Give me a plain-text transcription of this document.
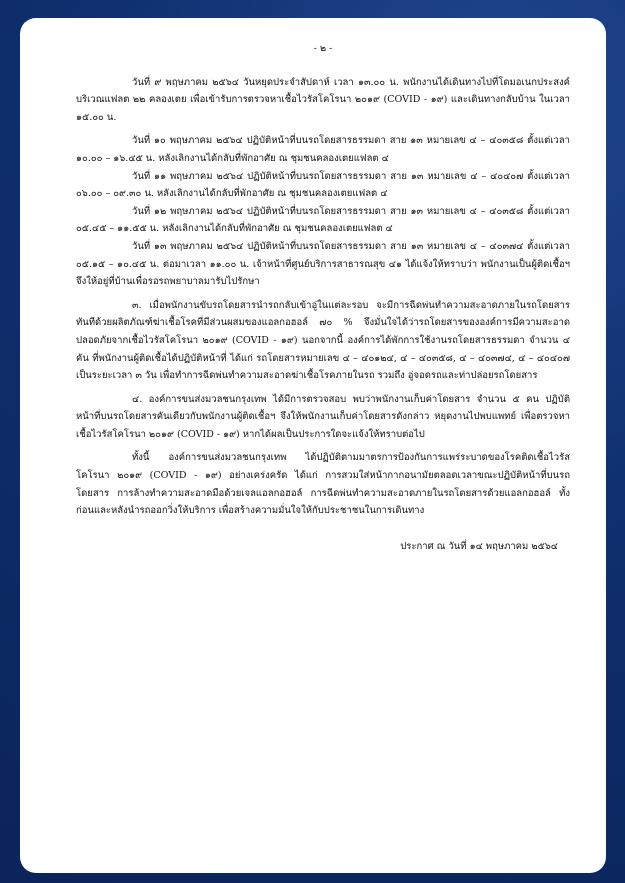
- ๒ -

วันที่ ๙ พฤษภาคม ๒๕๖๔ วันหยุดประจำสัปดาห์ เวลา ๑๓.๐๐ น. พนักงานได้เดินทางไปที่โดมอเนกประสงค์บริเวณแฟลต ๒๒ คลองเตย เพื่อเข้ารับการตรวจหาเชื้อไวรัสโคโรนา ๒๐๑๙ (COVID - ๑๙) และเดินทางกลับบ้าน ในเวลา ๑๕.๐๐ น.

วันที่ ๑๐ พฤษภาคม ๒๕๖๔ ปฏิบัติหน้าที่บนรถโดยสารธรรมดา สาย ๑๓ หมายเลข ๔ – ๔๐๓๕๘ ตั้งแต่เวลา ๑๐.๐๐ – ๑๖.๔๕ น. หลังเลิกงานได้กลับที่พักอาศัย ณ ชุมชนคลองเตยแฟลต ๔

วันที่ ๑๑ พฤษภาคม ๒๕๖๔ ปฏิบัติหน้าที่บนรถโดยสารธรรมดา สาย ๑๓ หมายเลข ๔ – ๔๐๔๐๗ ตั้งแต่เวลา ๐๖.๐๐ – ๐๙.๓๐ น. หลังเลิกงานได้กลับที่พักอาศัย ณ ชุมชนคลองเตยแฟลต ๔

วันที่ ๑๒ พฤษภาคม ๒๕๖๔ ปฏิบัติหน้าที่บนรถโดยสารธรรมดา สาย ๑๓ หมายเลข ๔ – ๔๐๓๕๘ ตั้งแต่เวลา ๐๕.๔๕ – ๑๑.๕๕ น. หลังเลิกงานได้กลับที่พักอาศัย ณ ชุมชนคลองเตยแฟลต ๔

วันที่ ๑๓ พฤษภาคม ๒๕๖๔ ปฏิบัติหน้าที่บนรถโดยสารธรรมดา สาย ๑๓ หมายเลข ๔ – ๔๐๓๗๔ ตั้งแต่เวลา ๐๕.๑๕ – ๑๐.๔๕ น. ต่อมาเวลา ๑๑.๐๐ น. เจ้าหน้าที่ศูนย์บริการสาธารณสุข ๔๑ ได้แจ้งให้ทราบว่า พนักงานเป็นผู้ติดเชื้อฯ จึงให้อยู่ที่บ้านเพื่อรอรถพยาบาลมารับไปรักษา

๓. เมื่อพนักงานขับรถโดยสารนำรถกลับเข้าอู่ในแต่ละรอบ จะมีการฉีดพ่นทำความสะอาดภายในรถโดยสารทันทีด้วยผลิตภัณฑ์ฆ่าเชื้อโรคที่มีส่วนผสมของแอลกอฮอล์ ๗๐ % จึงมั่นใจได้ว่ารถโดยสารขององค์การมีความสะอาด ปลอดภัยจากเชื้อไวรัสโคโรนา ๒๐๑๙ (COVID - ๑๙) นอกจากนี้ องค์การได้พักการใช้งานรถโดยสารธรรมดา จำนวน ๔ คัน ที่พนักงานผู้ติดเชื้อได้ปฏิบัติหน้าที่ ได้แก่ รถโดยสารหมายเลข ๔ – ๔๐๑๒๔, ๔ – ๔๐๓๕๘, ๔ – ๔๐๓๗๔, ๔ – ๔๐๔๐๗ เป็นระยะเวลา ๓ วัน เพื่อทำการฉีดพ่นทำความสะอาดฆ่าเชื้อโรคภายในรถ รวมถึง อู่จอดรถและท่าปล่อยรถโดยสาร

๔. องค์การขนส่งมวลชนกรุงเทพ ได้มีการตรวจสอบ พบว่าพนักงานเก็บค่าโดยสาร จำนวน ๕ คน ปฏิบัติหน้าที่บนรถโดยสารคันเดียวกับพนักงานผู้ติดเชื้อฯ จึงให้พนักงานเก็บค่าโดยสารดังกล่าว หยุดงานไปพบแพทย์ เพื่อตรวจหาเชื้อไวรัสโคโรนา ๒๐๑๙ (COVID - ๑๙) หากได้ผลเป็นประการใดจะแจ้งให้ทราบต่อไป

ทั้งนี้ องค์การขนส่งมวลชนกรุงเทพ ได้ปฏิบัติตามมาตรการป้องกันการแพร่ระบาดของโรคติดเชื้อไวรัสโคโรนา ๒๐๑๙ (COVID - ๑๙) อย่างเคร่งครัด ได้แก่ การสวมใส่หน้ากากอนามัยตลอดเวลาขณะปฏิบัติหน้าที่บนรถโดยสาร การล้างทำความสะอาดมือด้วยเจลแอลกอฮอล์ การฉีดพ่นทำความสะอาดภายในรถโดยสารด้วยแอลกอฮอล์ ทั้งก่อนและหลังนำรถออกวิ่งให้บริการ เพื่อสร้างความมั่นใจให้กับประชาชนในการเดินทาง

ประกาศ ณ วันที่ ๑๔ พฤษภาคม ๒๕๖๔
